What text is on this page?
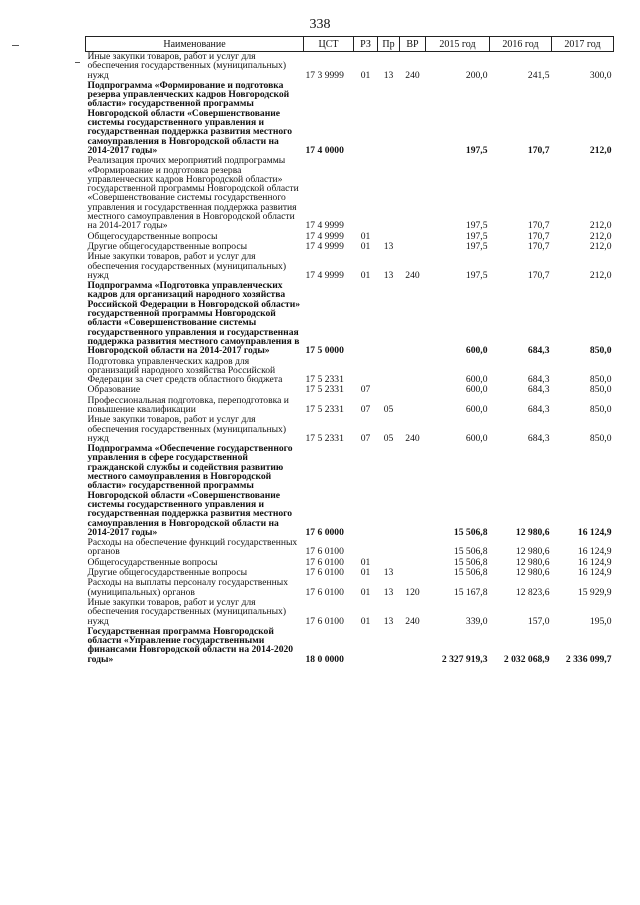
338
Наименование	ЦСТ	РЗ	Пр	ВР	2015 год	2016 год	2017 год
Иные закупки товаров, работ и услуг для обеспечения государственных (муниципальных) нужд	17 3 9999	01	13	240	200,0	241,5	300,0
Подпрограмма «Формирование и подготовка резерва управленческих кадров Новгородской области» государственной программы Новгородской области «Совершенствование системы государственного управления и государственная поддержка развития местного самоуправления в Новгородской области на 2014-2017 годы»	17 4 0000				197,5	170,7	212,0
Реализация прочих мероприятий подпрограммы «Формирование и подготовка резерва управленческих кадров Новгородской области» государственной программы Новгородской области «Совершенствование системы государственного управления и государственная поддержка развития местного самоуправления в Новгородской области на 2014-2017 годы»	17 4 9999				197,5	170,7	212,0
Общегосударственные вопросы	17 4 9999	01			197,5	170,7	212,0
Другие общегосударственные вопросы	17 4 9999	01	13		197,5	170,7	212,0
Иные закупки товаров, работ и услуг для обеспечения государственных (муниципальных) нужд	17 4 9999	01	13	240	197,5	170,7	212,0
Подпрограмма «Подготовка управленческих кадров для организаций народного хозяйства Российской Федерации в Новгородской области» государственной программы Новгородской области «Совершенствование системы государственного управления и государственная поддержка развития местного самоуправления в Новгородской области на 2014-2017 годы»	17 5 0000				600,0	684,3	850,0
Подготовка управленческих кадров для организаций народного хозяйства Российской Федерации за счет средств областного бюджета	17 5 2331				600,0	684,3	850,0
Образование	17 5 2331	07			600,0	684,3	850,0
Профессиональная подготовка, переподготовка и повышение квалификации	17 5 2331	07	05		600,0	684,3	850,0
Иные закупки товаров, работ и услуг для обеспечения государственных (муниципальных) нужд	17 5 2331	07	05	240	600,0	684,3	850,0
Подпрограмма «Обеспечение государственного управления в сфере государственной гражданской службы и содействия развитию местного самоуправления в Новгородской области» государственной программы Новгородской области «Совершенствование системы государственного управления и государственная поддержка развития местного самоуправления в Новгородской области на 2014-2017 годы»	17 6 0000				15 506,8	12 980,6	16 124,9
Расходы на обеспечение функций государственных органов	17 6 0100				15 506,8	12 980,6	16 124,9
Общегосударственные вопросы	17 6 0100	01			15 506,8	12 980,6	16 124,9
Другие общегосударственные вопросы	17 6 0100	01	13		15 506,8	12 980,6	16 124,9
Расходы на выплаты персоналу государственных (муниципальных) органов	17 6 0100	01	13	120	15 167,8	12 823,6	15 929,9
Иные закупки товаров, работ и услуг для обеспечения государственных (муниципальных) нужд	17 6 0100	01	13	240	339,0	157,0	195,0
Государственная программа Новгородской области «Управление государственными финансами Новгородской области на 2014-2020 годы»	18 0 0000				2 327 919,3	2 032 068,9	2 336 099,7
